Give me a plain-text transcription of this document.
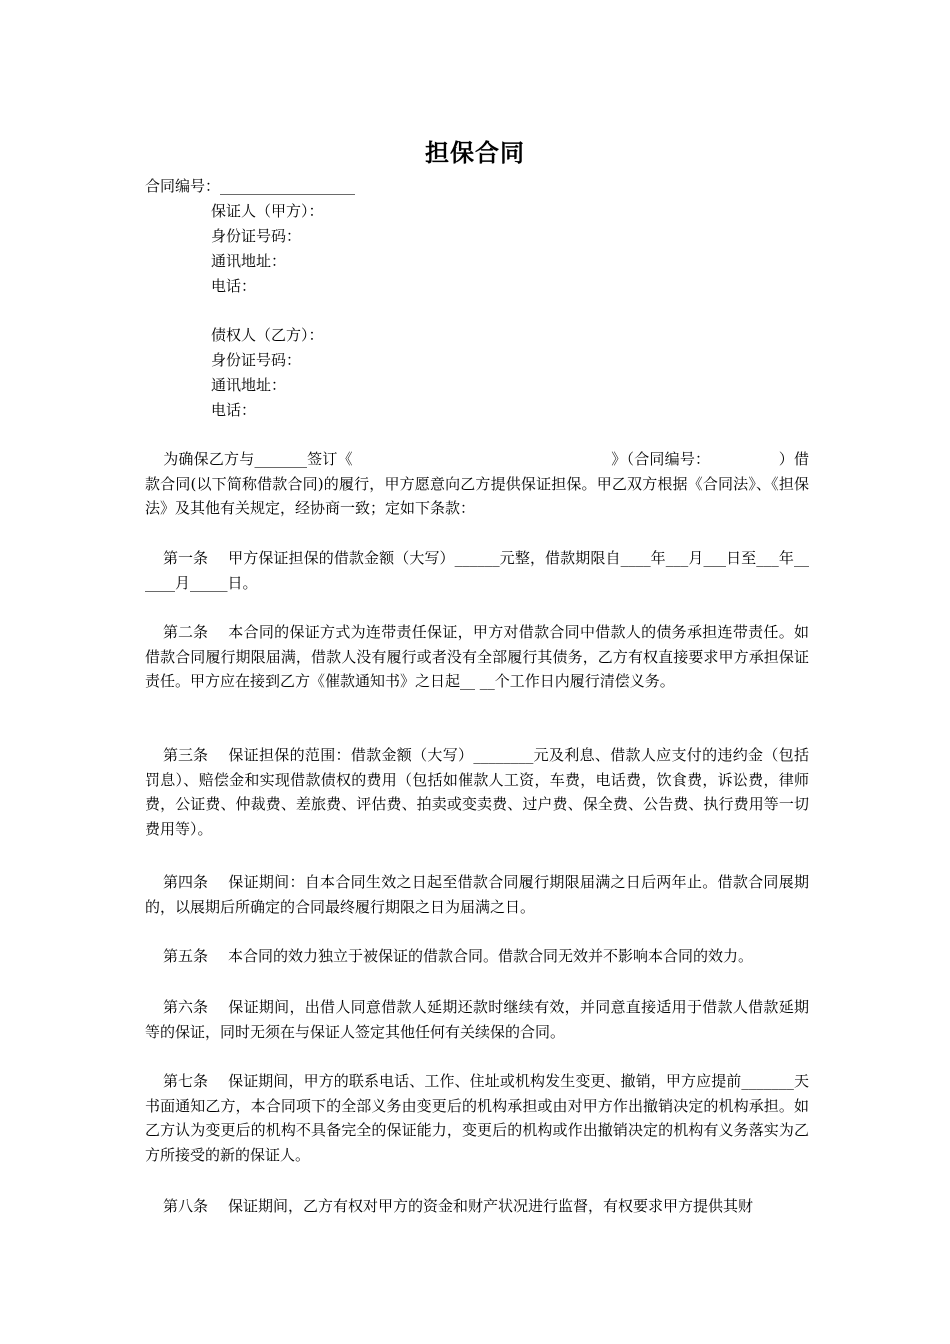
担保合同
合同编号：__________________
保证人（甲方）：
身份证号码：
通讯地址：
电话：
债权人（乙方）：
身份证号码：
通讯地址：
电话：
为确保乙方与_______签订《　　　　　　　　　　　　　　　　　》（合同编号：　　　　　）借款合同(以下简称借款合同)的履行，甲方愿意向乙方提供保证担保。甲乙双方根据《合同法》、《担保法》及其他有关规定，经协商一致；定如下条款：
第一条 甲方保证担保的借款金额（大写）______元整，借款期限自____年___月___日至___年______月_____日。
第二条 本合同的保证方式为连带责任保证，甲方对借款合同中借款人的债务承担连带责任。如借款合同履行期限届满，借款人没有履行或者没有全部履行其债务，乙方有权直接要求甲方承担保证责任。甲方应在接到乙方《催款通知书》之日起__ __个工作日内履行清偿义务。
第三条 保证担保的范围：借款金额（大写）________元及利息、借款人应支付的违约金（包括罚息）、赔偿金和实现借款债权的费用（包括如催款人工资，车费，电话费，饮食费，诉讼费，律师费，公证费、仲裁费、差旅费、评估费、拍卖或变卖费、过户费、保全费、公告费、执行费用等一切费用等）。
第四条 保证期间：自本合同生效之日起至借款合同履行期限届满之日后两年止。借款合同展期的，以展期后所确定的合同最终履行期限之日为届满之日。
第五条 本合同的效力独立于被保证的借款合同。借款合同无效并不影响本合同的效力。
第六条 保证期间，出借人同意借款人延期还款时继续有效，并同意直接适用于借款人借款延期等的保证，同时无须在与保证人签定其他任何有关续保的合同。
第七条 保证期间，甲方的联系电话、工作、住址或机构发生变更、撤销，甲方应提前_______天书面通知乙方，本合同项下的全部义务由变更后的机构承担或由对甲方作出撤销决定的机构承担。如乙方认为变更后的机构不具备完全的保证能力，变更后的机构或作出撤销决定的机构有义务落实为乙方所接受的新的保证人。
第八条 保证期间，乙方有权对甲方的资金和财产状况进行监督，有权要求甲方提供其财
